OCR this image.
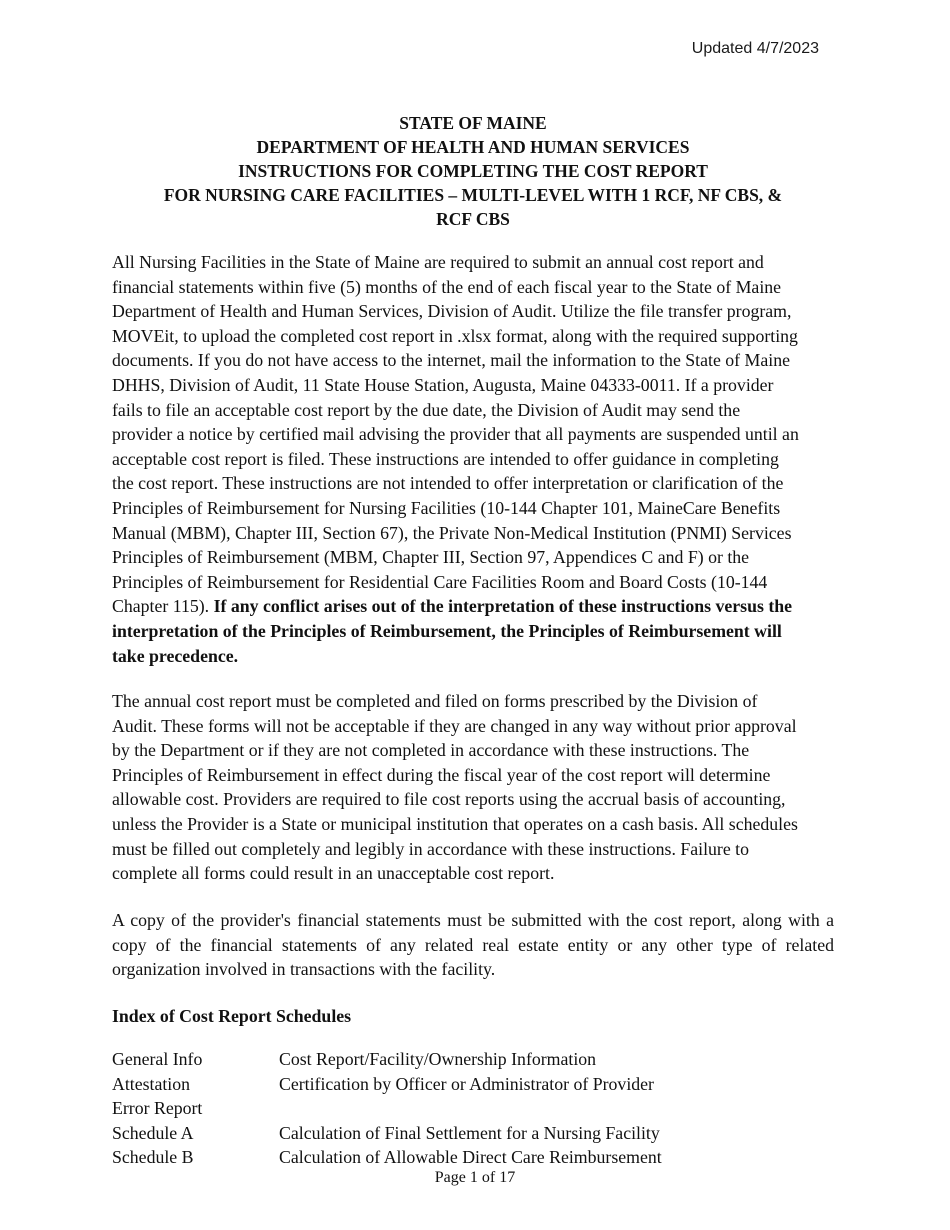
Updated 4/7/2023
STATE OF MAINE
DEPARTMENT OF HEALTH AND HUMAN SERVICES
INSTRUCTIONS FOR COMPLETING THE COST REPORT
FOR NURSING CARE FACILITIES – MULTI-LEVEL WITH 1 RCF, NF CBS, &
RCF CBS

All Nursing Facilities in the State of Maine are required to submit an annual cost report and
financial statements within five (5) months of the end of each fiscal year to the State of Maine
Department of Health and Human Services, Division of Audit. Utilize the file transfer program,
MOVEit, to upload the completed cost report in .xlsx format, along with the required supporting
documents. If you do not have access to the internet, mail the information to the State of Maine
DHHS, Division of Audit, 11 State House Station, Augusta, Maine 04333-0011. If a provider
fails to file an acceptable cost report by the due date, the Division of Audit may send the
provider a notice by certified mail advising the provider that all payments are suspended until an
acceptable cost report is filed. These instructions are intended to offer guidance in completing
the cost report. These instructions are not intended to offer interpretation or clarification of the
Principles of Reimbursement for Nursing Facilities (10-144 Chapter 101, MaineCare Benefits
Manual (MBM), Chapter III, Section 67), the Private Non-Medical Institution (PNMI) Services
Principles of Reimbursement (MBM, Chapter III, Section 97, Appendices C and F) or the
Principles of Reimbursement for Residential Care Facilities Room and Board Costs (10-144
Chapter 115). If any conflict arises out of the interpretation of these instructions versus the
interpretation of the Principles of Reimbursement, the Principles of Reimbursement will
take precedence.

The annual cost report must be completed and filed on forms prescribed by the Division of
Audit. These forms will not be acceptable if they are changed in any way without prior approval
by the Department or if they are not completed in accordance with these instructions. The
Principles of Reimbursement in effect during the fiscal year of the cost report will determine
allowable cost. Providers are required to file cost reports using the accrual basis of accounting,
unless the Provider is a State or municipal institution that operates on a cash basis. All schedules
must be filled out completely and legibly in accordance with these instructions. Failure to
complete all forms could result in an unacceptable cost report.

A copy of the provider's financial statements must be submitted with the cost report, along with a copy of the financial statements of any related real estate entity or any other type of related organization involved in transactions with the facility.

Index of Cost Report Schedules
General Info	Cost Report/Facility/Ownership Information
Attestation	Certification by Officer or Administrator of Provider
Error Report
Schedule A	Calculation of Final Settlement for a Nursing Facility
Schedule B	Calculation of Allowable Direct Care Reimbursement
Page 1 of 17
